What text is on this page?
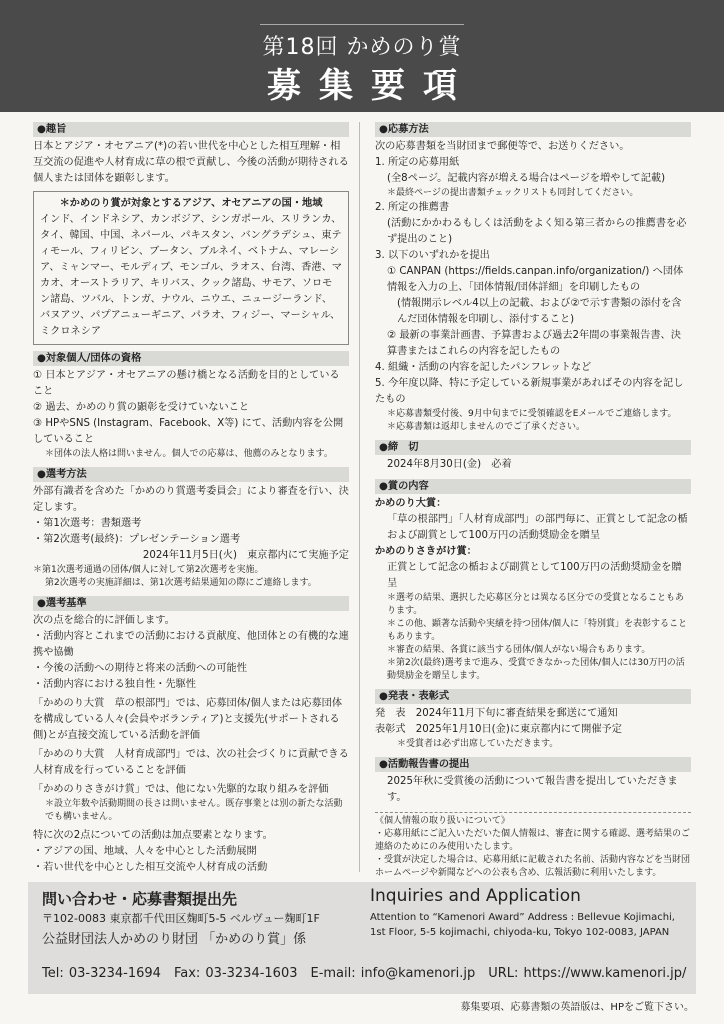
第18回 かめのり賞
募集要項
●趣旨

日本とアジア・オセアニア(*)の若い世代を中心とした相互理解・相互交流の促進や人材育成に草の根で貢献し、今後の活動が期待される個人または団体を顕彰します。

＊かめのり賞が対象とするアジア、オセアニアの国・地域

インド、インドネシア、カンボジア、シンガポール、スリランカ、タイ、韓国、中国、ネパール、パキスタン、バングラデシュ、東ティモール、フィリピン、ブータン、ブルネイ、ベトナム、マレーシア、ミャンマー、モルディブ、モンゴル、ラオス、台湾、香港、マカオ、オーストラリア、キリバス、クック諸島、サモア、ソロモン諸島、ツバル、トンガ、ナウル、ニウエ、ニュージーランド、バヌアツ、パプアニューギニア、パラオ、フィジー、マーシャル、ミクロネシア

●対象個人/団体の資格

① 日本とアジア・オセアニアの懸け橋となる活動を目的としていること

② 過去、かめのり賞の顕彰を受けていないこと

③ HPやSNS (Instagram、Facebook、X等) にて、活動内容を公開していること

＊団体の法人格は問いません。個人での応募は、他薦のみとなります。

●選考方法

外部有識者を含めた「かめのり賞選考委員会」により審査を行い、決定します。

・第1次選考：書類選考

・第2次選考(最終)：プレゼンテーション選考

2024年11月5日(火)　東京都内にて実施予定

＊第1次選考通過の団体/個人に対して第2次選考を実施。

第2次選考の実施詳細は、第1次選考結果通知の際にご連絡します。

●選考基準

次の点を総合的に評価します。

・活動内容とこれまでの活動における貢献度、他団体との有機的な連携や協働

・今後の活動への期待と将来の活動への可能性

・活動内容における独自性・先駆性

「かめのり大賞　草の根部門」では、応募団体/個人または応募団体を構成している人々(会員やボランティア)と支援先(サポートされる側)とが直接交流している活動を評価

「かめのり大賞　人材育成部門」では、次の社会づくりに貢献できる人材育成を行っていることを評価

「かめのりさきがけ賞」では、他にない先駆的な取り組みを評価

＊設立年数や活動期間の長さは問いません。既存事業とは別の新たな活動でも構いません。

特に次の2点についての活動は加点要素となります。

・アジアの国、地域、人々を中心とした活動展開

・若い世代を中心とした相互交流や人材育成の活動

●応募方法

次の応募書類を当財団まで郵便等で、お送りください。

1. 所定の応募用紙

(全8ページ。記載内容が増える場合はページを増やして記載)

＊最終ページの提出書類チェックリストも同封してください。

2. 所定の推薦書

(活動にかかわるもしくは活動をよく知る第三者からの推薦書を必ず提出のこと)

3. 以下のいずれかを提出

① CANPAN (https://fields.canpan.info/organization/) へ団体情報を入力の上、「団体情報/団体詳細」を印刷したもの

(情報開示レベル4以上の記載、および②で示す書類の添付を含んだ団体情報を印刷し、添付すること)

② 最新の事業計画書、予算書および過去2年間の事業報告書、決算書またはこれらの内容を記したもの

4. 組織・活動の内容を記したパンフレットなど

5. 今年度以降、特に予定している新規事業があればその内容を記したもの

＊応募書類受付後、9月中旬までに受領確認をEメールでご連絡します。

＊応募書類は返却しませんのでご了承ください。

●締　切

2024年8月30日(金)　必着

●賞の内容

かめのり大賞：

「草の根部門」「人材育成部門」の部門毎に、正賞として記念の楯および副賞として100万円の活動奨励金を贈呈

かめのりさきがけ賞：

正賞として記念の楯および副賞として100万円の活動奨励金を贈呈

＊選考の結果、選択した応募区分とは異なる区分での受賞となることもあります。

＊この他、顕著な活動や実績を持つ団体/個人に「特別賞」を表彰することもあります。

＊審査の結果、各賞に該当する団体/個人がない場合もあります。

＊第2次(最終)選考まで進み、受賞できなかった団体/個人には30万円の活動奨励金を贈呈します。

●発表・表彰式

発　表　2024年11月下旬に審査結果を郵送にて通知

表彰式　2025年1月10日(金)に東京都内にて開催予定

＊受賞者は必ず出席していただきます。

●活動報告書の提出

2025年秋に受賞後の活動について報告書を提出していただきます。

《個人情報の取り扱いについて》

・応募用紙にご記入いただいた個人情報は、審査に関する確認、選考結果のご連絡のためにのみ使用いたします。

・受賞が決定した場合は、応募用紙に記載された名前、活動内容などを当財団ホームページや新聞などへの公表も含め、広報活動に利用いたします。

問い合わせ・応募書類提出先
〒102-0083 東京都千代田区麹町5-5 ベルヴュー麹町1F
公益財団法人かめのり財団 「かめのり賞」係
Inquiries and Application
Attention to “Kamenori Award” Address : Bellevue Kojimachi, 1st Floor, 5-5 kojimachi, chiyoda-ku, Tokyo 102-0083, JAPAN
Tel: 03-3234-1694　Fax: 03-3234-1603　E-mail: info@kamenori.jp　URL: https://www.kamenori.jp/
募集要項、応募書類の英語版は、HPをご覧下さい。
